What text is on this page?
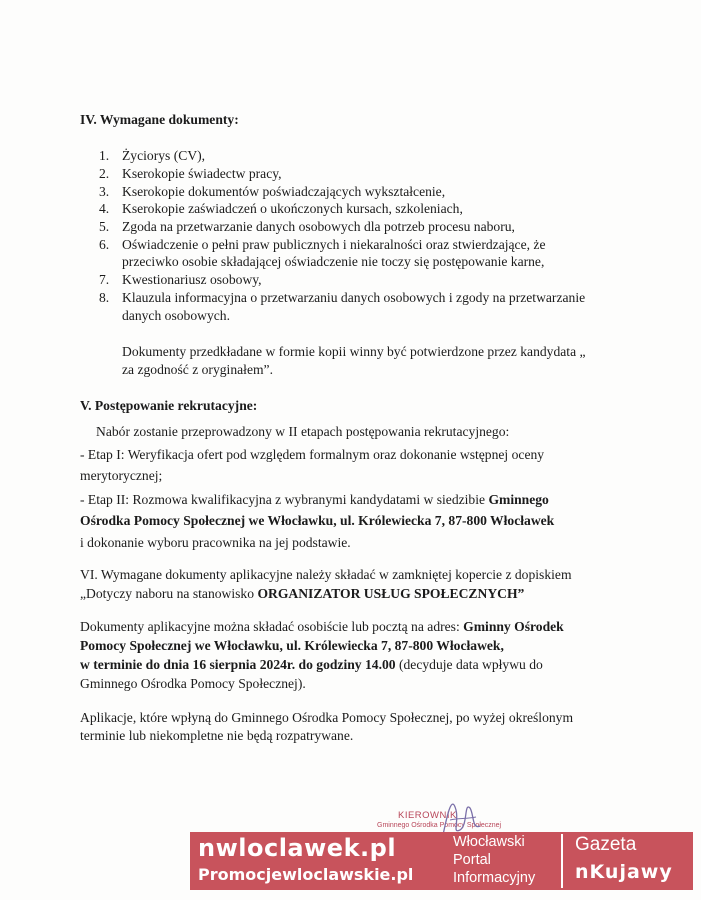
IV. Wymagane dokumenty:
1. Życiorys (CV),
2. Kserokopie świadectw pracy,
3. Kserokopie dokumentów poświadczających wykształcenie,
4. Kserokopie zaświadczeń o ukończonych kursach, szkoleniach,
5. Zgoda na przetwarzanie danych osobowych dla potrzeb procesu naboru,
6. Oświadczenie o pełni praw publicznych i niekaralności oraz stwierdzające, że
przeciwko osobie składającej oświadczenie nie toczy się postępowanie karne,
7. Kwestionariusz osobowy,
8. Klauzula informacyjna o przetwarzaniu danych osobowych i zgody na przetwarzanie
danych osobowych.
Dokumenty przedkładane w formie kopii winny być potwierdzone przez kandydata „
za zgodność z oryginałem”.
V. Postępowanie rekrutacyjne:
Nabór zostanie przeprowadzony w II etapach postępowania rekrutacyjnego:
- Etap I: Weryfikacja ofert pod względem formalnym oraz dokonanie wstępnej oceny
merytorycznej;
- Etap II: Rozmowa kwalifikacyjna z wybranymi kandydatami w siedzibie Gminnego
Ośrodka Pomocy Społecznej we Włocławku, ul. Królewiecka 7, 87-800 Włocławek
i dokonanie wyboru pracownika na jej podstawie.
VI. Wymagane dokumenty aplikacyjne należy składać w zamkniętej kopercie z dopiskiem
„Dotyczy naboru na stanowisko ORGANIZATOR USŁUG SPOŁECZNYCH”
Dokumenty aplikacyjne można składać osobiście lub pocztą na adres: Gminny Ośrodek
Pomocy Społecznej we Włocławku, ul. Królewiecka 7, 87-800 Włocławek,
w terminie do dnia 16 sierpnia 2024r. do godziny 14.00 (decyduje data wpływu do
Gminnego Ośrodka Pomocy Społecznej).
Aplikacje, które wpłyną do Gminnego Ośrodka Pomocy Społecznej, po wyżej określonym
terminie lub niekompletne nie będą rozpatrywane.
KIEROWNIK
Gminnego Ośrodka Pomocy Społecznej
nwloclawek.pl
Promocjewloclawskie.pl
Włocławski
Portal
Informacyjny
Gazeta
nKujawy
